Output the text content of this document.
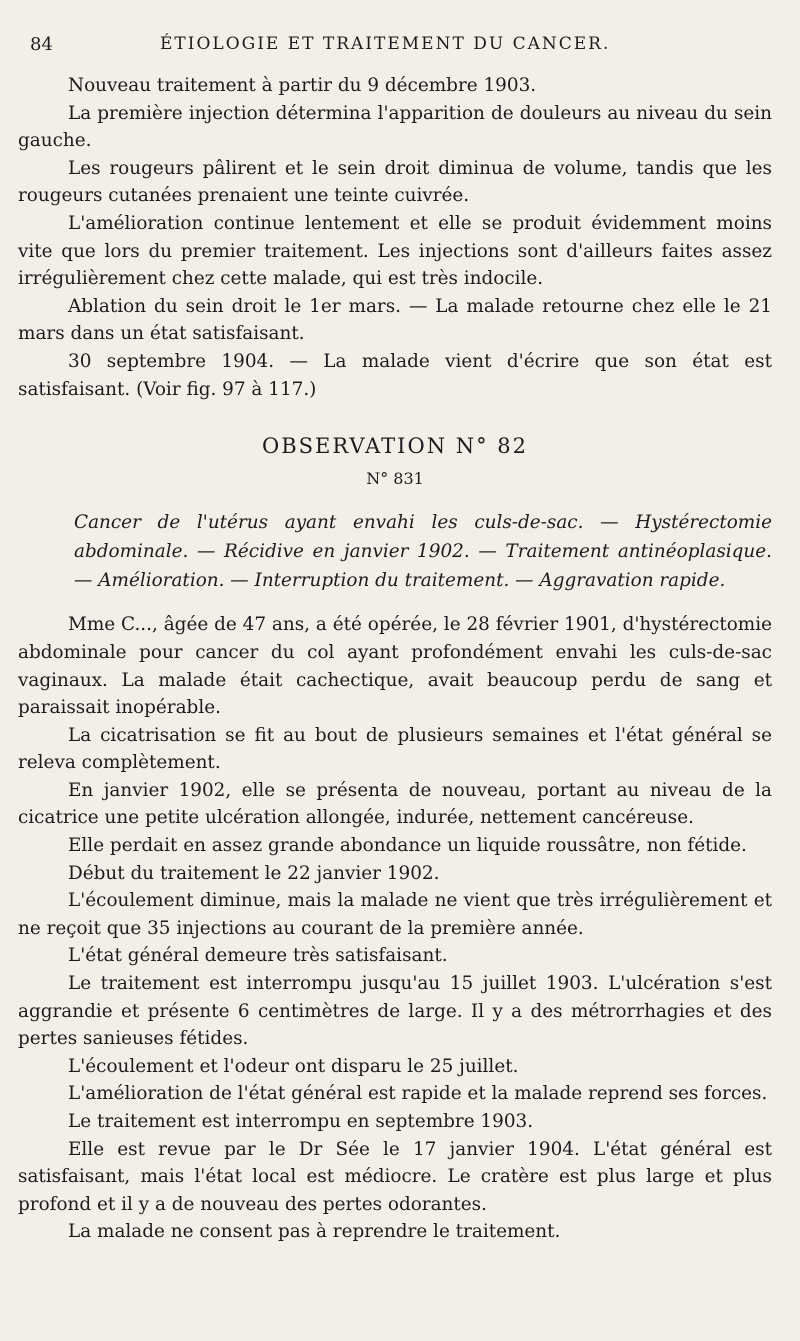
84	ÉTIOLOGIE ET TRAITEMENT DU CANCER.

Nouveau traitement à partir du 9 décembre 1903.

La première injection détermina l'apparition de douleurs au niveau du sein gauche.

Les rougeurs pâlirent et le sein droit diminua de volume, tandis que les rougeurs cutanées prenaient une teinte cuivrée.

L'amélioration continue lentement et elle se produit évidemment moins vite que lors du premier traitement. Les injections sont d'ailleurs faites assez irrégulièrement chez cette malade, qui est très indocile.

Ablation du sein droit le 1er mars. — La malade retourne chez elle le 21 mars dans un état satisfaisant.

30 septembre 1904. — La malade vient d'écrire que son état est satisfaisant. (Voir fig. 97 à 117.)

OBSERVATION N° 82

N° 831

Cancer de l'utérus ayant envahi les culs-de-sac. — Hystérectomie abdominale. — Récidive en janvier 1902. — Traitement antinéoplasique. — Amélioration. — Interruption du traitement. — Aggravation rapide.

Mme C..., âgée de 47 ans, a été opérée, le 28 février 1901, d'hystérectomie abdominale pour cancer du col ayant profondément envahi les culs-de-sac vaginaux. La malade était cachectique, avait beaucoup perdu de sang et paraissait inopérable.

La cicatrisation se fit au bout de plusieurs semaines et l'état général se releva complètement.

En janvier 1902, elle se présenta de nouveau, portant au niveau de la cicatrice une petite ulcération allongée, indurée, nettement cancéreuse.

Elle perdait en assez grande abondance un liquide roussâtre, non fétide.

Début du traitement le 22 janvier 1902.

L'écoulement diminue, mais la malade ne vient que très irrégulièrement et ne reçoit que 35 injections au courant de la première année.

L'état général demeure très satisfaisant.

Le traitement est interrompu jusqu'au 15 juillet 1903. L'ulcération s'est aggrandie et présente 6 centimètres de large. Il y a des métrorrhagies et des pertes sanieuses fétides.

L'écoulement et l'odeur ont disparu le 25 juillet.

L'amélioration de l'état général est rapide et la malade reprend ses forces.

Le traitement est interrompu en septembre 1903.

Elle est revue par le Dr Sée le 17 janvier 1904. L'état général est satisfaisant, mais l'état local est médiocre. Le cratère est plus large et plus profond et il y a de nouveau des pertes odorantes.

La malade ne consent pas à reprendre le traitement.
